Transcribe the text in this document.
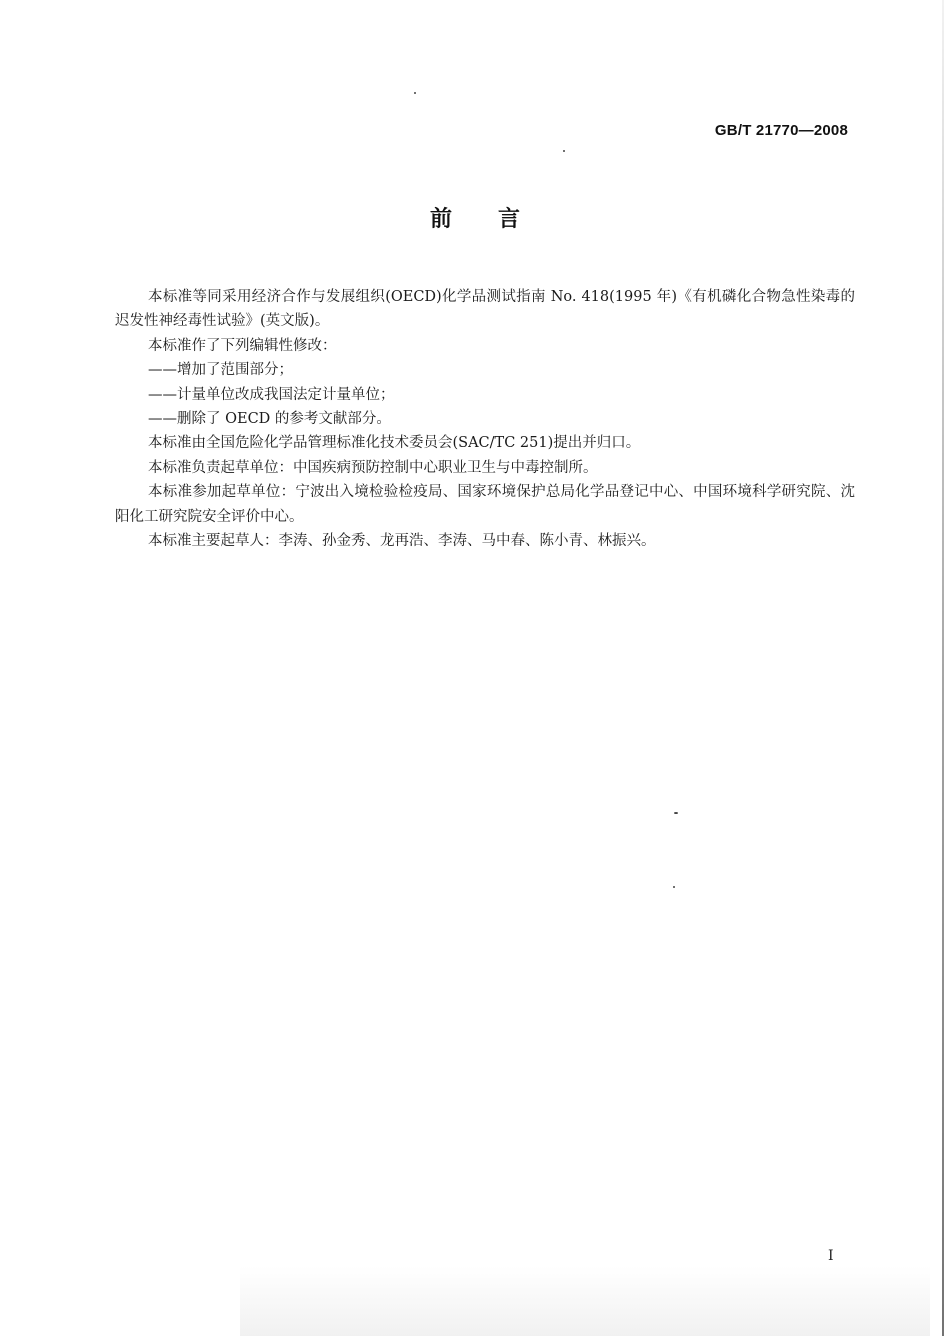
GB/T 21770—2008
前言

本标准等同采用经济合作与发展组织(OECD)化学品测试指南 No. 418(1995 年)《有机磷化合物急性染毒的迟发性神经毒性试验》(英文版)。

本标准作了下列编辑性修改：

——增加了范围部分；

——计量单位改成我国法定计量单位；

——删除了 OECD 的参考文献部分。

本标准由全国危险化学品管理标准化技术委员会(SAC/TC 251)提出并归口。

本标准负责起草单位：中国疾病预防控制中心职业卫生与中毒控制所。

本标准参加起草单位：宁波出入境检验检疫局、国家环境保护总局化学品登记中心、中国环境科学研究院、沈阳化工研究院安全评价中心。

本标准主要起草人：李涛、孙金秀、龙再浩、李涛、马中春、陈小青、林振兴。

I
